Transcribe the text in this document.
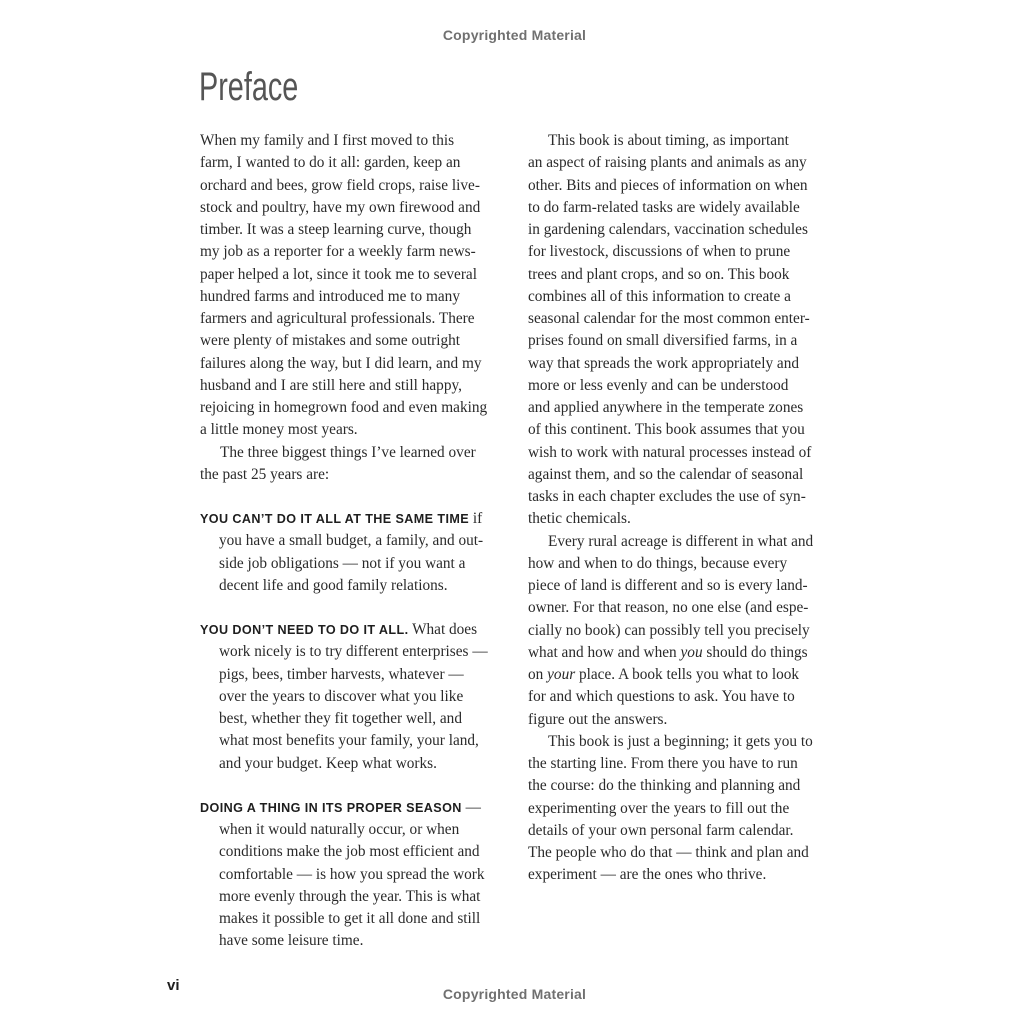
Copyrighted Material
Preface
When my family and I first moved to this
farm, I wanted to do it all: garden, keep an
orchard and bees, grow field crops, raise live-
stock and poultry, have my own firewood and
timber. It was a steep learning curve, though
my job as a reporter for a weekly farm news-
paper helped a lot, since it took me to several
hundred farms and introduced me to many
farmers and agricultural professionals. There
were plenty of mistakes and some outright
failures along the way, but I did learn, and my
husband and I are still here and still happy,
rejoicing in homegrown food and even making
a little money most years.
The three biggest things I’ve learned over
the past 25 years are:
YOU CAN’T DO IT ALL AT THE SAME TIME if
you have a small budget, a family, and out-
side job obligations — not if you want a
decent life and good family relations.
YOU DON’T NEED TO DO IT ALL. What does
work nicely is to try different enterprises —
pigs, bees, timber harvests, whatever —
over the years to discover what you like
best, whether they fit together well, and
what most benefits your family, your land,
and your budget. Keep what works.
DOING A THING IN ITS PROPER SEASON —
when it would naturally occur, or when
conditions make the job most efficient and
comfortable — is how you spread the work
more evenly through the year. This is what
makes it possible to get it all done and still
have some leisure time.
This book is about timing, as important
an aspect of raising plants and animals as any
other. Bits and pieces of information on when
to do farm-related tasks are widely available
in gardening calendars, vaccination schedules
for livestock, discussions of when to prune
trees and plant crops, and so on. This book
combines all of this information to create a
seasonal calendar for the most common enter-
prises found on small diversified farms, in a
way that spreads the work appropriately and
more or less evenly and can be understood
and applied anywhere in the temperate zones
of this continent. This book assumes that you
wish to work with natural processes instead of
against them, and so the calendar of seasonal
tasks in each chapter excludes the use of syn-
thetic chemicals.
Every rural acreage is different in what and
how and when to do things, because every
piece of land is different and so is every land-
owner. For that reason, no one else (and espe-
cially no book) can possibly tell you precisely
what and how and when you should do things
on your place. A book tells you what to look
for and which questions to ask. You have to
figure out the answers.
This book is just a beginning; it gets you to
the starting line. From there you have to run
the course: do the thinking and planning and
experimenting over the years to fill out the
details of your own personal farm calendar.
The people who do that — think and plan and
experiment — are the ones who thrive.
vi	Copyrighted Material
